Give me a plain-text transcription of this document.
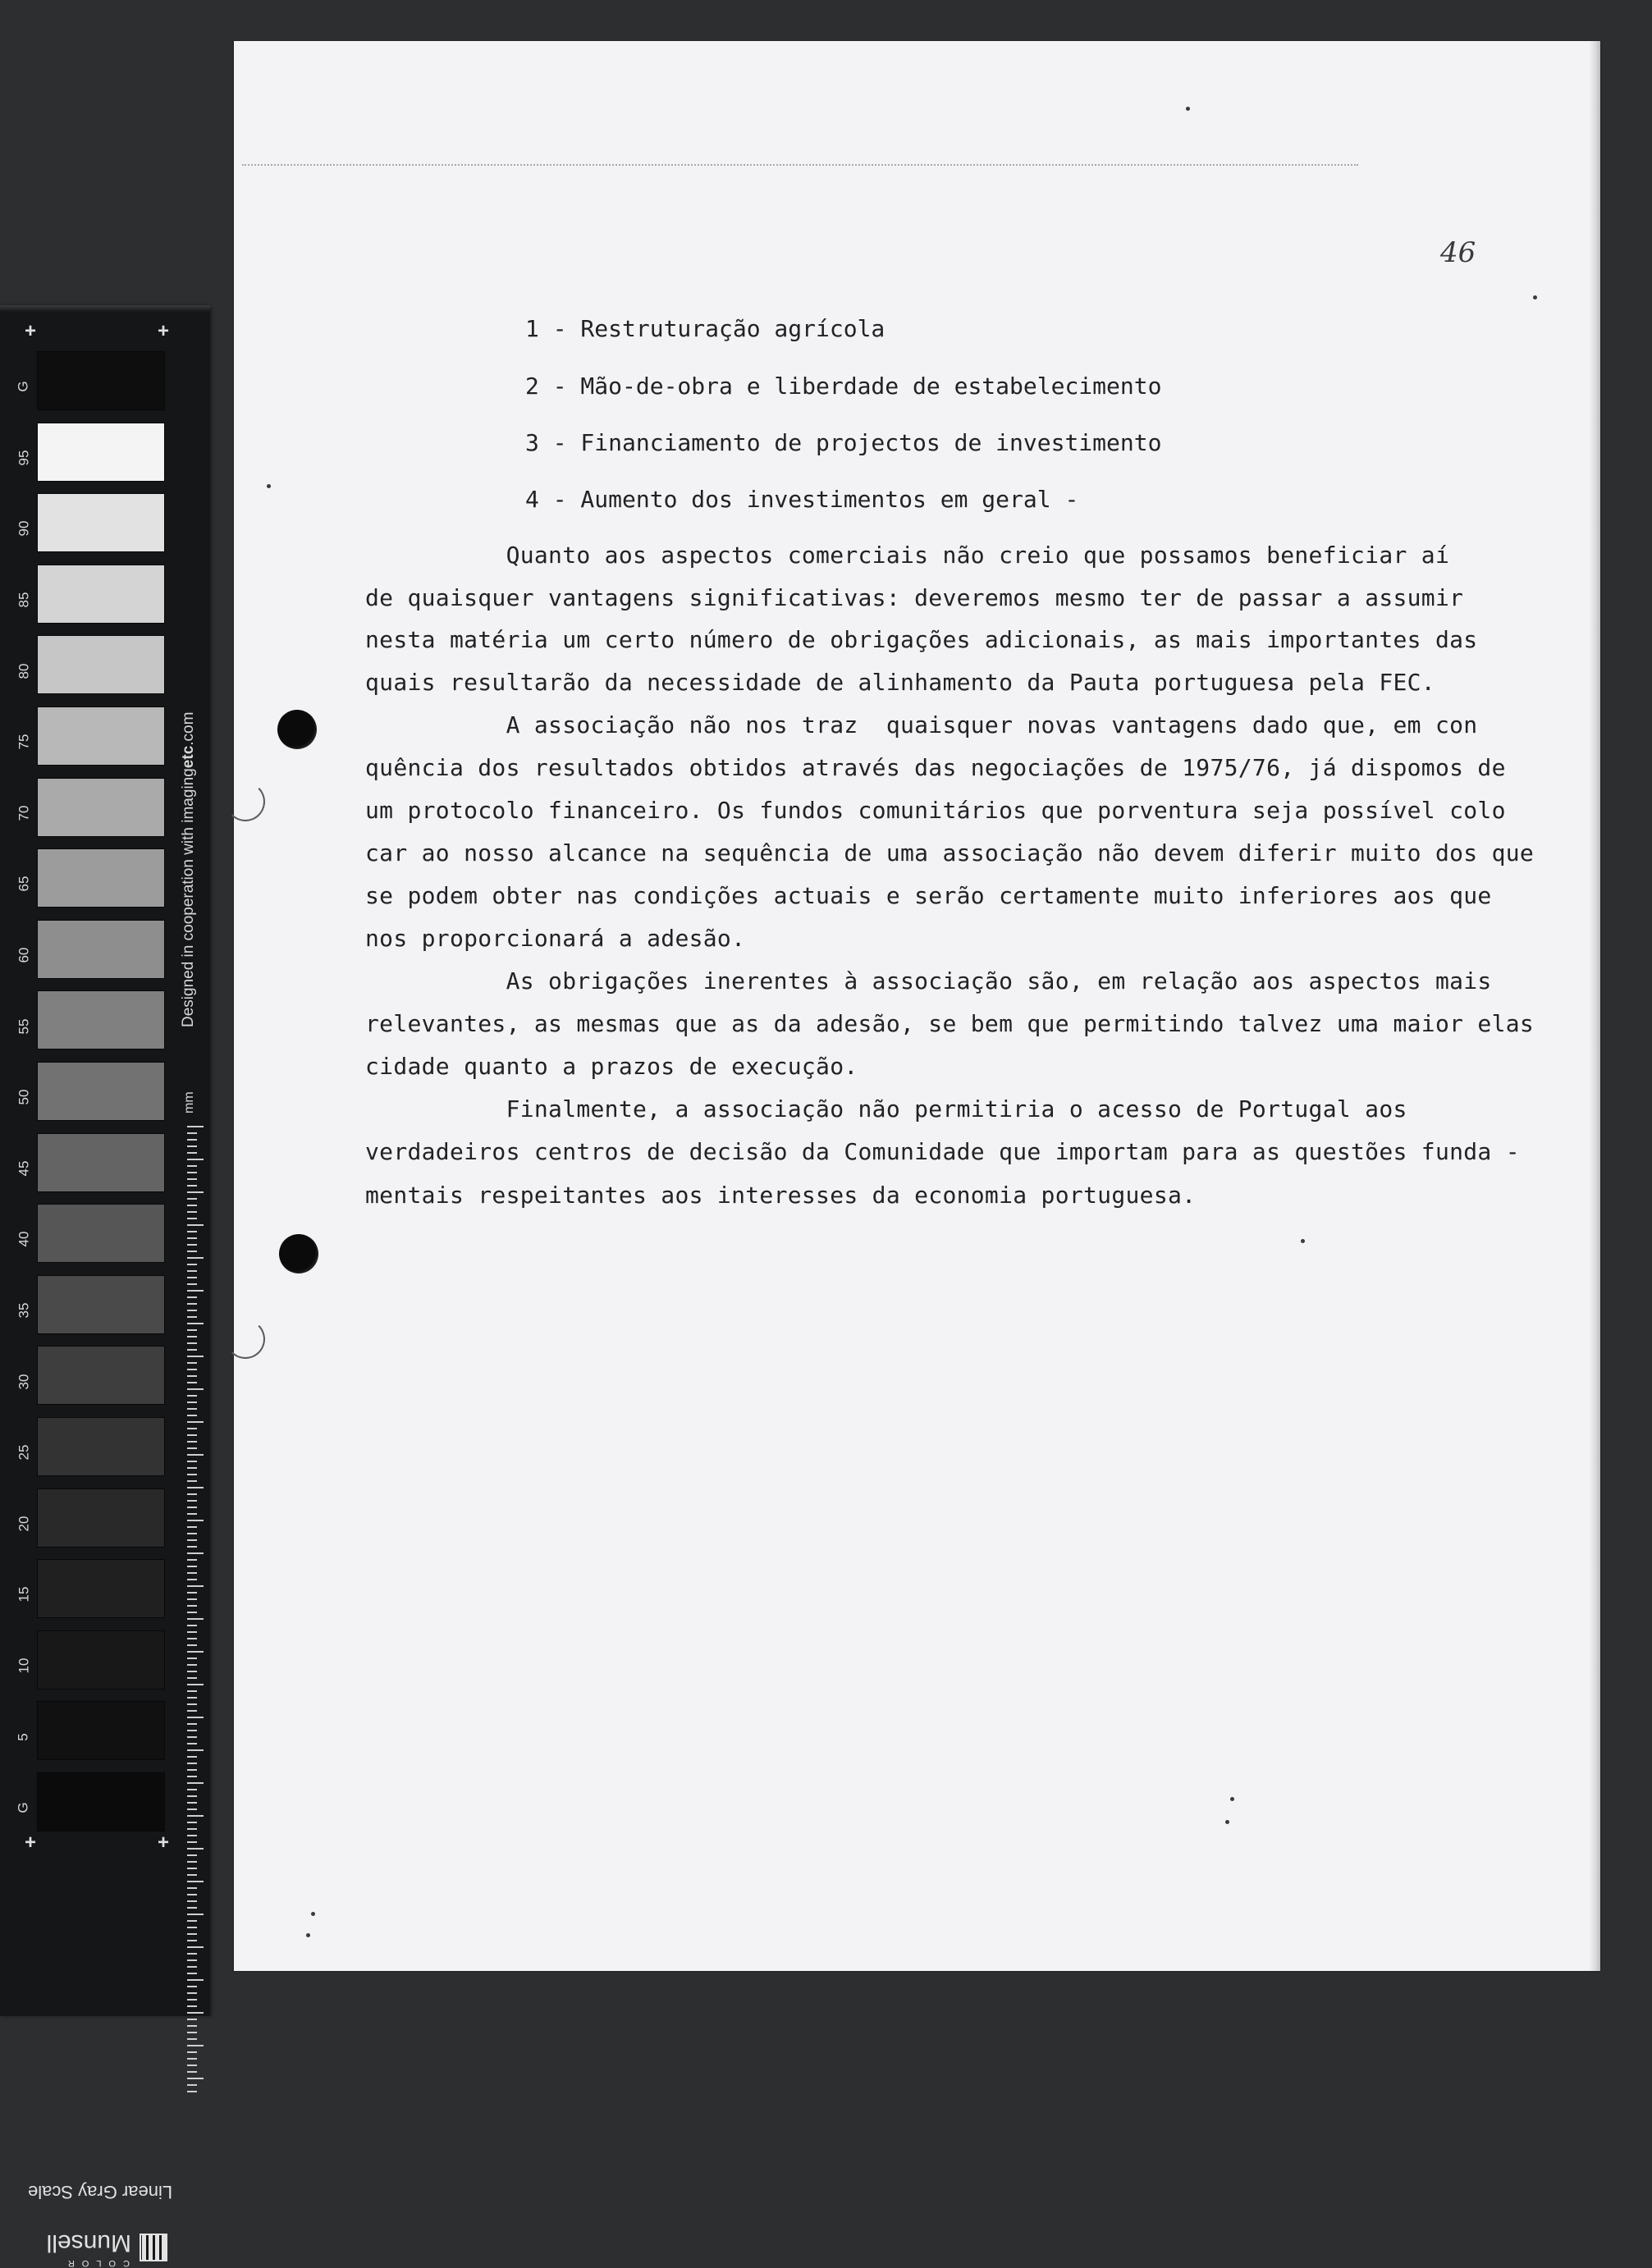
+	+
+	+
G
95
90
85
80
75
70
65
60
55
50
45
40
35
30
25
20
15
10
5
G
Designed in cooperation with imagingetc.com
mm
Linear Gray Scale
COLOR
Munsell
46
1 - Restruturação agrícola
2 - Mão-de-obra e liberdade de estabelecimento
3 - Financiamento de projectos de investimento
4 - Aumento dos investimentos em geral -
Quanto aos aspectos comerciais não creio que possamos beneficiar aí
de quaisquer vantagens significativas: deveremos mesmo ter de passar a assumir
nesta matéria um certo número de obrigações adicionais, as mais importantes das
quais resultarão da necessidade de alinhamento da Pauta portuguesa pela FEC.
A associação não nos traz  quaisquer novas vantagens dado que, em con
quência dos resultados obtidos através das negociações de 1975/76, já dispomos de
um protocolo financeiro. Os fundos comunitários que porventura seja possível colo
car ao nosso alcance na sequência de uma associação não devem diferir muito dos que
se podem obter nas condições actuais e serão certamente muito inferiores aos que
nos proporcionará a adesão.
As obrigações inerentes à associação são, em relação aos aspectos mais
relevantes, as mesmas que as da adesão, se bem que permitindo talvez uma maior elas
cidade quanto a prazos de execução.
Finalmente, a associação não permitiria o acesso de Portugal aos
verdadeiros centros de decisão da Comunidade que importam para as questões funda -
mentais respeitantes aos interesses da economia portuguesa.
